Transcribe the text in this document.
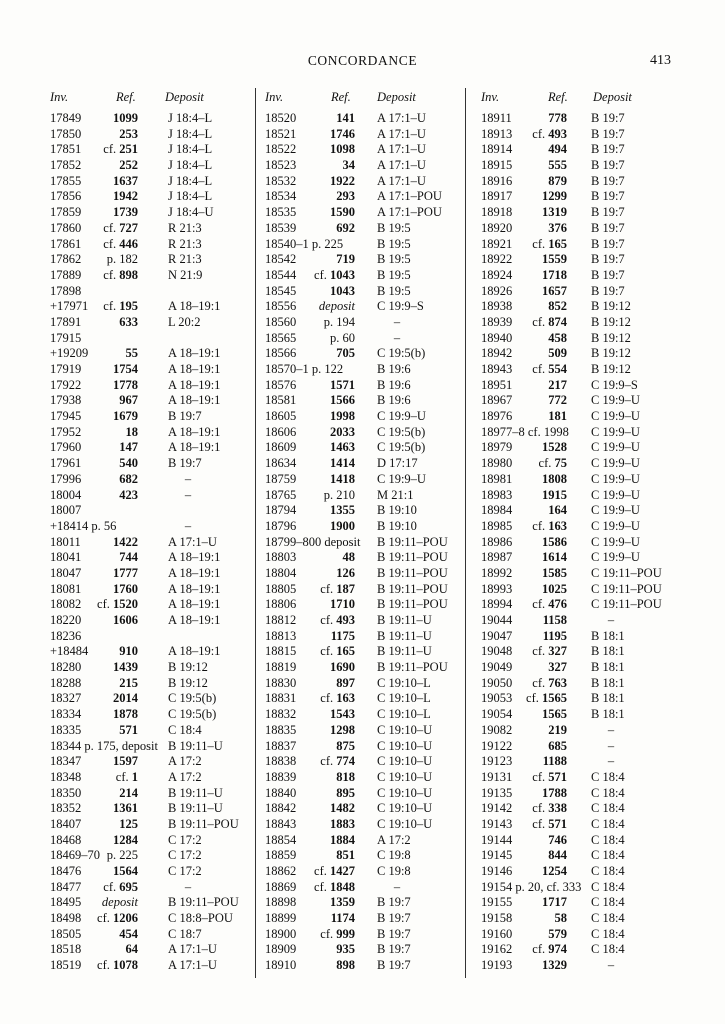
CONCORDANCE	413
Inv.	Ref. Deposit
17849	1099 J 18:4–L
17850	253 J 18:4–L
17851 cf. 251 J 18:4–L
17852	252 J 18:4–L
17855	1637 J 18:4–L
17856	1942 J 18:4–L
17859	1739 J 18:4–U
17860 cf. 727 R 21:3
17861 cf. 446 R 21:3
17862 p. 182 R 21:3
17889 cf. 898 N 21:9
17898
+17971 cf. 195 A 18–19:1
17891	633 L 20:2
17915
+19209	55 A 18–19:1
17919	1754 A 18–19:1
17922	1778 A 18–19:1
17938	967 A 18–19:1
17945	1679 B 19:7
17952	18 A 18–19:1
17960	147 A 18–19:1
17961	540 B 19:7
17996	682	–
18004	423	–
18007
+18414 p. 56	–
18011	1422 A 17:1–U
18041	744 A 18–19:1
18047	1777 A 18–19:1
18081	1760 A 18–19:1
18082 cf. 1520 A 18–19:1
18220	1606 A 18–19:1
18236
+18484 910 A 18–19:1
18280	1439 B 19:12
18288	215 B 19:12
18327	2014 C 19:5(b)
18334	1878 C 19:5(b)
18335	571 C 18:4
18344 p. 175, deposit B 19:11–U
18347	1597 A 17:2
18348	cf. 1 A 17:2
18350	214 B 19:11–U
18352	1361 B 19:11–U
18407	125 B 19:11–POU
18468	1284 C 17:2
18469–70 p. 225 C 17:2
18476	1564 C 17:2
18477 cf. 695	–
18495 deposit B 19:11–POU
18498 cf. 1206 C 18:8–POU
18505	454 C 18:7
18518	64 A 17:1–U
18519 cf. 1078 A 17:1–U
Inv.	Ref. Deposit
18520	141 A 17:1–U
18521	1746 A 17:1–U
18522	1098 A 17:1–U
18523	34 A 17:1–U
18532	1922 A 17:1–U
18534	293 A 17:1–POU
18535	1590 A 17:1–POU
18539	692 B 19:5
18540–1 p. 225	B 19:5
18542	719 B 19:5
18544 cf. 1043 B 19:5
18545	1043 B 19:5
18556 deposit C 19:9–S
18560 p. 194	–
18565	p. 60	–
18566	705 C 19:5(b)
18570–1 p. 122	B 19:6
18576	1571 B 19:6
18581	1566 B 19:6
18605	1998 C 19:9–U
18606	2033 C 19:5(b)
18609	1463 C 19:5(b)
18634	1414 D 17:17
18759	1418 C 19:9–U
18765 p. 210 M 21:1
18794	1355 B 19:10
18796	1900 B 19:10
18799–800 deposit B 19:11–POU
18803	48 B 19:11–POU
18804	126 B 19:11–POU
18805 cf. 187 B 19:11–POU
18806	1710 B 19:11–POU
18812 cf. 493 B 19:11–U
18813	1175 B 19:11–U
18815 cf. 165 B 19:11–U
18819	1690 B 19:11–POU
18830	897 C 19:10–L
18831 cf. 163 C 19:10–L
18832	1543 C 19:10–L
18835	1298 C 19:10–U
18837	875 C 19:10–U
18838 cf. 774 C 19:10–U
18839	818 C 19:10–U
18840	895 C 19:10–U
18842	1482 C 19:10–U
18843	1883 C 19:10–U
18854	1884 A 17:2
18859	851 C 19:8
18862 cf. 1427 C 19:8
18869 cf. 1848	–
18898	1359 B 19:7
18899	1174 B 19:7
18900 cf. 999 B 19:7
18909	935 B 19:7
18910	898 B 19:7
Inv.	Ref. Deposit
18911	778 B 19:7
18913 cf. 493 B 19:7
18914	494 B 19:7
18915	555 B 19:7
18916	879 B 19:7
18917 1299 B 19:7
18918 1319 B 19:7
18920	376 B 19:7
18921 cf. 165 B 19:7
18922 1559 B 19:7
18924 1718 B 19:7
18926 1657 B 19:7
18938	852 B 19:12
18939 cf. 874 B 19:12
18940	458 B 19:12
18942	509 B 19:12
18943 cf. 554 B 19:12
18951	217 C 19:9–S
18967	772 C 19:9–U
18976	181 C 19:9–U
18977–8 cf. 1998 C 19:9–U
18979 1528 C 19:9–U
18980 cf. 75 C 19:9–U
18981 1808 C 19:9–U
18983 1915 C 19:9–U
18984	164 C 19:9–U
18985 cf. 163 C 19:9–U
18986 1586 C 19:9–U
18987 1614 C 19:9–U
18992 1585 C 19:11–POU
18993 1025 C 19:11–POU
18994 cf. 476 C 19:11–POU
19044 1158	–
19047 1195 B 18:1
19048 cf. 327 B 18:1
19049	327 B 18:1
19050 cf. 763 B 18:1
19053 cf. 1565 B 18:1
19054 1565 B 18:1
19082	219	–
19122	685	–
19123 1188	–
19131 cf. 571 C 18:4
19135 1788 C 18:4
19142 cf. 338 C 18:4
19143 cf. 571 C 18:4
19144	746 C 18:4
19145	844 C 18:4
19146 1254 C 18:4
19154 p. 20, cf. 333 C 18:4
19155 1717 C 18:4
19158	58 C 18:4
19160	579 C 18:4
19162 cf. 974 C 18:4
19193 1329	–
